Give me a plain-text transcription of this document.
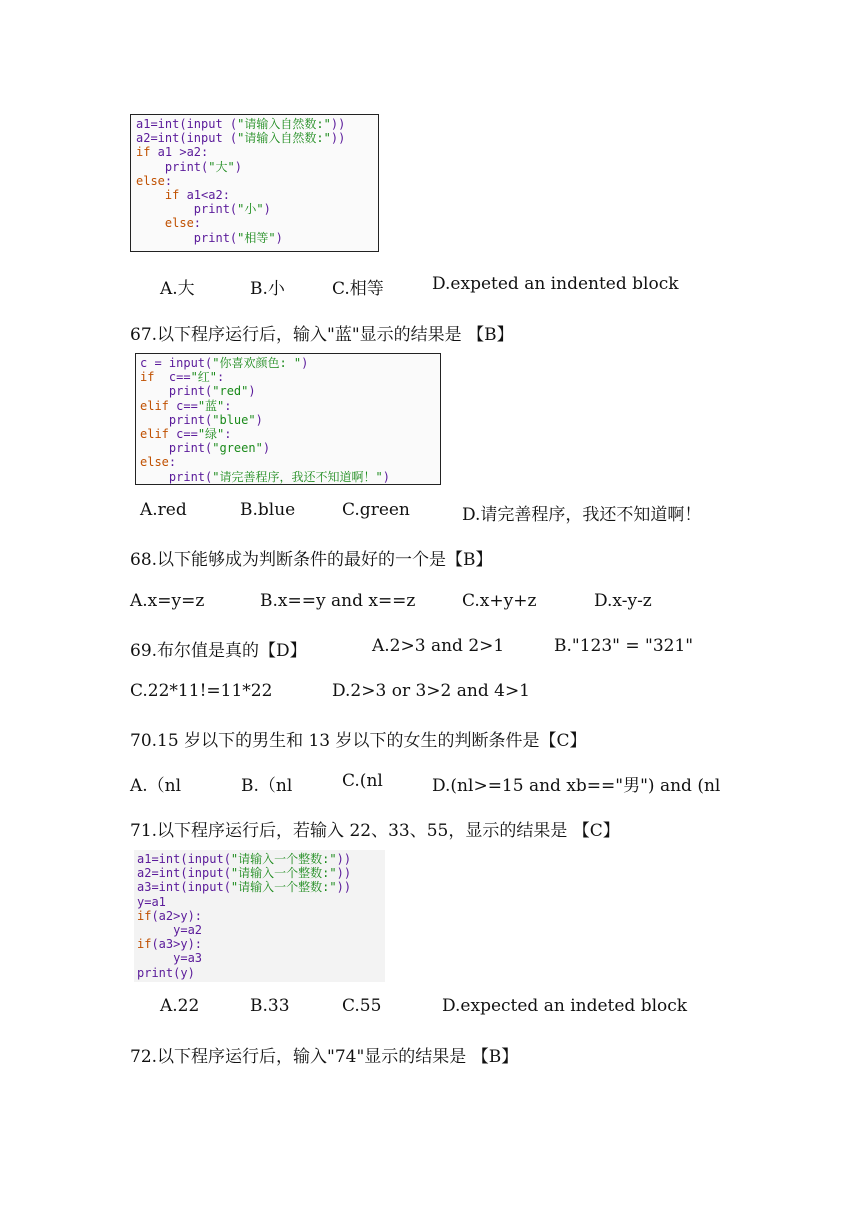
a1=int(input ("请输入自然数:"))
a2=int(input ("请输入自然数:"))
if a1 >a2:
print("大")
else:
if a1<a2:
print("小")
else:
print("相等")
A.大	B.小	C.相等	D.expeted an indented block
67.以下程序运行后，输入"蓝"显示的结果是 【B】
c = input("你喜欢颜色: ")
if  c=="红":
print("red")
elif c=="蓝":
print("blue")
elif c=="绿":
print("green")
else:
print("请完善程序，我还不知道啊！")
A.red	B.blue	C.green	D.请完善程序，我还不知道啊！
68.以下能够成为判断条件的最好的一个是【B】
A.x=y=z	B.x==y and x==z	C.x+y+z	D.x-y-z
69.布尔值是真的【D】	A.2>3 and 2>1	B."123" = "321"
C.22*11!=11*22	D.2>3 or 3>2 and 4>1
70.15 岁以下的男生和 13 岁以下的女生的判断条件是【C】
A.（nl	B.（nl	C.(nl	D.(nl>=15 and xb=="男") and (nl
71.以下程序运行后，若输入 22、33、55，显示的结果是 【C】
a1=int(input("请输入一个整数:"))
a2=int(input("请输入一个整数:"))
a3=int(input("请输入一个整数:"))
y=a1
if(a2>y):
y=a2
if(a3>y):
y=a3
print(y)
A.22	B.33	C.55	D.expected an indeted block
72.以下程序运行后，输入"74"显示的结果是 【B】
